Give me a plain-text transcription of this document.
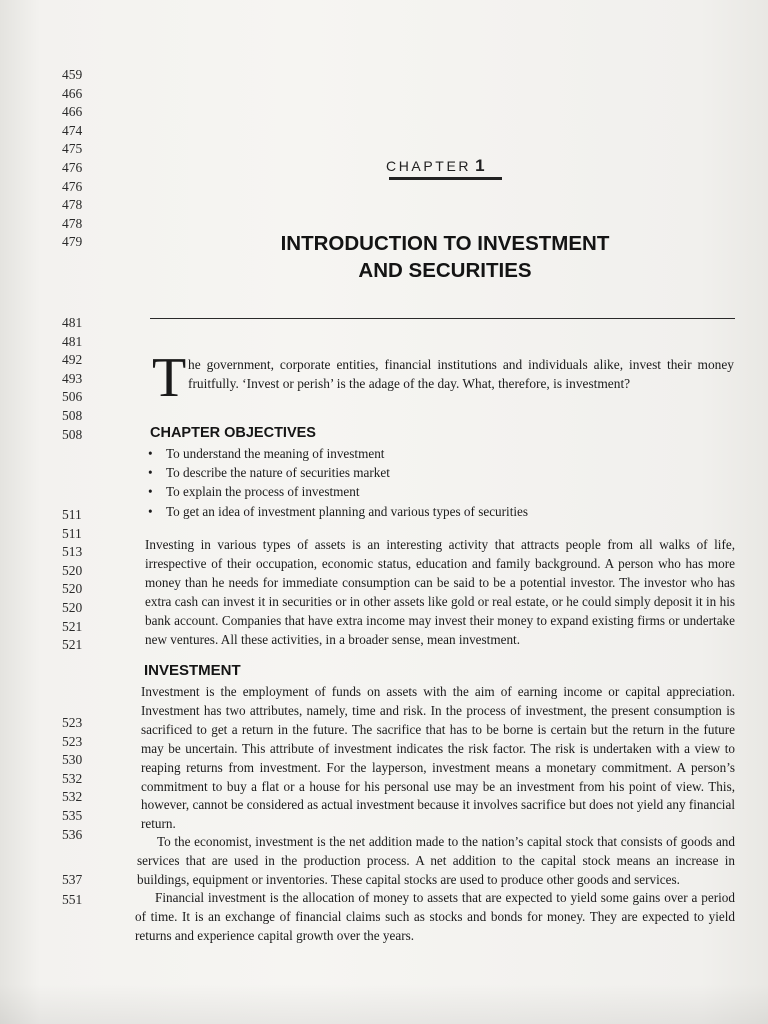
459
466
466
474
475
476
476
478
478
479
481
481
492
493
506
508
508
511
511
513
520
520
520
521
521
523
523
530
532
532
535
536
537
551
CHAPTER 1
INTRODUCTION TO INVESTMENT
AND SECURITIES
T he government, corporate entities, financial institutions and individuals alike, invest their money fruitfully. ‘Invest or perish’ is the adage of the day. What, therefore, is investment?
CHAPTER OBJECTIVES
• To understand the meaning of investment
• To describe the nature of securities market
• To explain the process of investment
• To get an idea of investment planning and various types of securities
Investing in various types of assets is an interesting activity that attracts people from all walks of life, irrespective of their occupation, economic status, education and family background. A person who has more money than he needs for immediate consumption can be said to be a potential investor. The investor who has extra cash can invest it in securities or in other assets like gold or real estate, or he could simply deposit it in his bank account. Companies that have extra income may invest their money to expand existing firms or undertake new ventures. All these activities, in a broader sense, mean investment.
INVESTMENT
Investment is the employment of funds on assets with the aim of earning income or capital appreciation. Investment has two attributes, namely, time and risk. In the process of investment, the present consumption is sacrificed to get a return in the future. The sacrifice that has to be borne is certain but the return in the future may be uncertain. This attribute of investment indicates the risk factor. The risk is undertaken with a view to reaping returns from investment. For the layperson, investment means a monetary commitment. A person’s commitment to buy a flat or a house for his personal use may be an investment from his point of view. This, however, cannot be considered as actual investment because it involves sacrifice but does not yield any financial return.
To the economist, investment is the net addition made to the nation’s capital stock that consists of goods and services that are used in the production process. A net addition to the capital stock means an increase in buildings, equipment or inventories. These capital stocks are used to produce other goods and services.
Financial investment is the allocation of money to assets that are expected to yield some gains over a period of time. It is an exchange of financial claims such as stocks and bonds for money. They are expected to yield returns and experience capital growth over the years.
